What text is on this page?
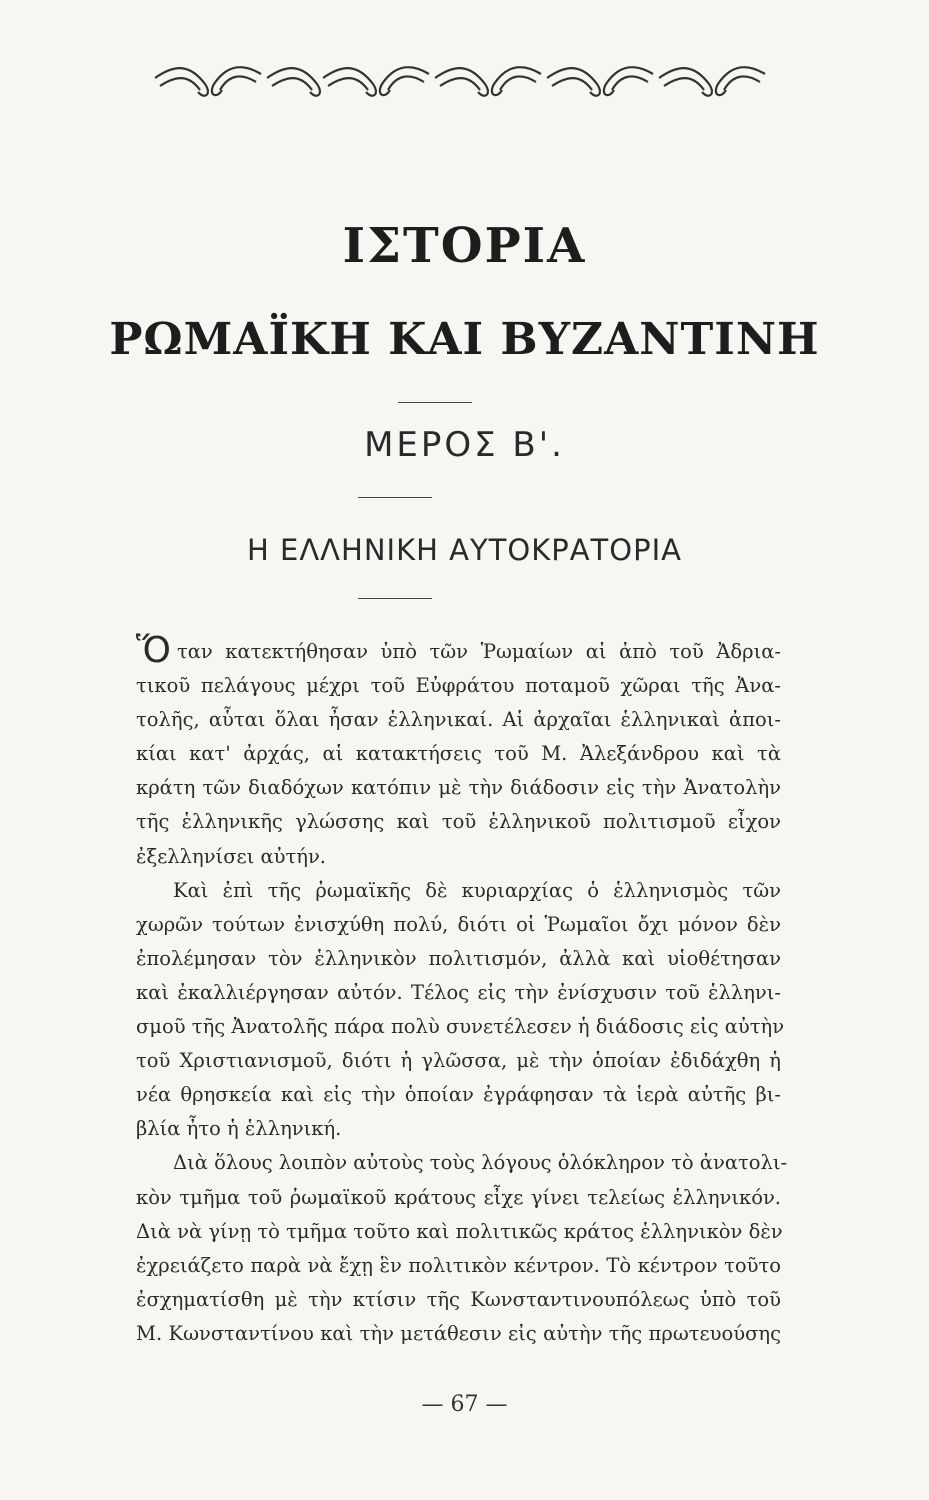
ΙΣΤΟΡΙΑ
ΡΩΜΑΪΚΗ ΚΑΙ ΒΥΖΑΝΤΙΝΗ
ΜΕΡΟΣ Β'.
Η ΕΛΛΗΝΙΚΗ ΑΥΤΟΚΡΑΤΟΡΙΑ
Ὅταν κατεκτήθησαν ὑπὸ τῶν Ῥωμαίων αἱ ἀπὸ τοῦ Ἀδρια-
τικοῦ πελάγους μέχρι τοῦ Εὐφράτου ποταμοῦ χῶραι τῆς Ἀνα-
τολῆς, αὗται ὅλαι ἦσαν ἑλληνικαί. Αἱ ἀρχαῖαι ἑλληνικαὶ ἀποι-
κίαι κατ' ἀρχάς, αἱ κατακτήσεις τοῦ Μ. Ἀλεξάνδρου καὶ τὰ
κράτη τῶν διαδόχων κατόπιν μὲ τὴν διάδοσιν εἰς τὴν Ἀνατολὴν
τῆς ἑλληνικῆς γλώσσης καὶ τοῦ ἑλληνικοῦ πολιτισμοῦ εἶχον
ἐξελληνίσει αὐτήν.
Καὶ ἐπὶ τῆς ῥωμαϊκῆς δὲ κυριαρχίας ὁ ἑλληνισμὸς τῶν
χωρῶν τούτων ἐνισχύθη πολύ, διότι οἱ Ῥωμαῖοι ὄχι μόνον δὲν
ἐπολέμησαν τὸν ἑλληνικὸν πολιτισμόν, ἀλλὰ καὶ υἱοθέτησαν
καὶ ἐκαλλιέργησαν αὐτόν. Τέλος εἰς τὴν ἐνίσχυσιν τοῦ ἑλληνι-
σμοῦ τῆς Ἀνατολῆς πάρα πολὺ συνετέλεσεν ἡ διάδοσις εἰς αὐτὴν
τοῦ Χριστιανισμοῦ, διότι ἡ γλῶσσα, μὲ τὴν ὁποίαν ἐδιδάχθη ἡ
νέα θρησκεία καὶ εἰς τὴν ὁποίαν ἐγράφησαν τὰ ἱερὰ αὐτῆς βι-
βλία ἦτο ἡ ἑλληνική.
Διὰ ὅλους λοιπὸν αὐτοὺς τοὺς λόγους ὁλόκληρον τὸ ἀνατολι-
κὸν τμῆμα τοῦ ῥωμαϊκοῦ κράτους εἶχε γίνει τελείως ἑλληνικόν.
Διὰ νὰ γίνῃ τὸ τμῆμα τοῦτο καὶ πολιτικῶς κράτος ἑλληνικὸν δὲν
ἐχρειάζετο παρὰ νὰ ἔχῃ ἓν πολιτικὸν κέντρον. Τὸ κέντρον τοῦτο
ἐσχηματίσθη μὲ τὴν κτίσιν τῆς Κωνσταντινουπόλεως ὑπὸ τοῦ
Μ. Κωνσταντίνου καὶ τὴν μετάθεσιν εἰς αὐτὴν τῆς πρωτευούσης
— 67 —
